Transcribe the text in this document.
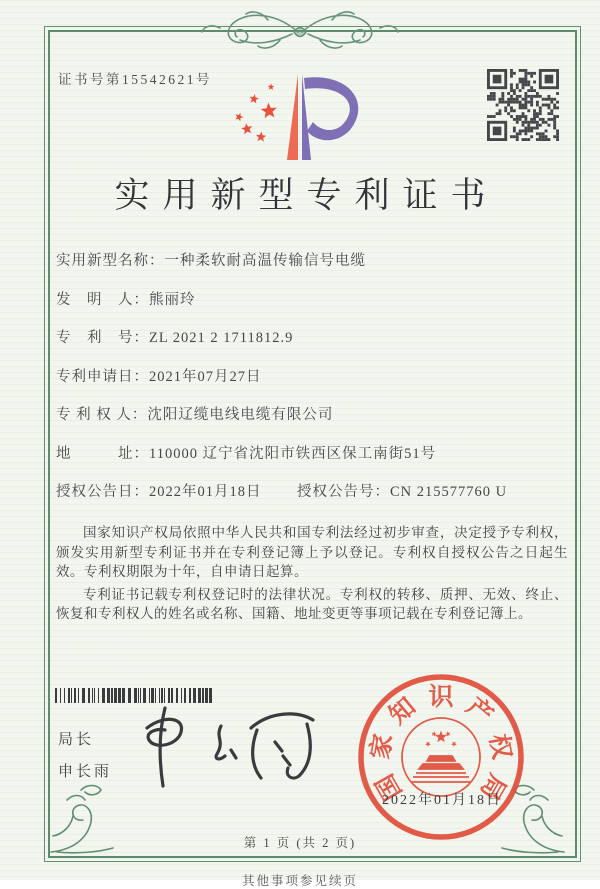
证书号第15542621号
实用新型专利证书
实用新型名称：一种柔软耐高温传输信号电缆
发　明　人：熊丽玲
专　利　号：ZL 2021 2 1711812.9
专利申请日：2021年07月27日
专 利 权 人：沈阳辽缆电线电缆有限公司
地　　　址：110000 辽宁省沈阳市铁西区保工南街51号
授权公告日：2022年01月18日 授权公告号：CN 215577760 U

国家知识产权局依照中华人民共和国专利法经过初步审查，决定授予专利权，颁发实用新型专利证书并在专利登记簿上予以登记。专利权自授权公告之日起生效。专利权期限为十年，自申请日起算。

专利证书记载专利权登记时的法律状况。专利权的转移、质押、无效、终止、恢复和专利权人的姓名或名称、国籍、地址变更等事项记载在专利登记簿上。

局长
申长雨	国
家
知 识 产
权
局
2022年01月18日
第 1 页 (共 2 页)
其他事项参见续页
